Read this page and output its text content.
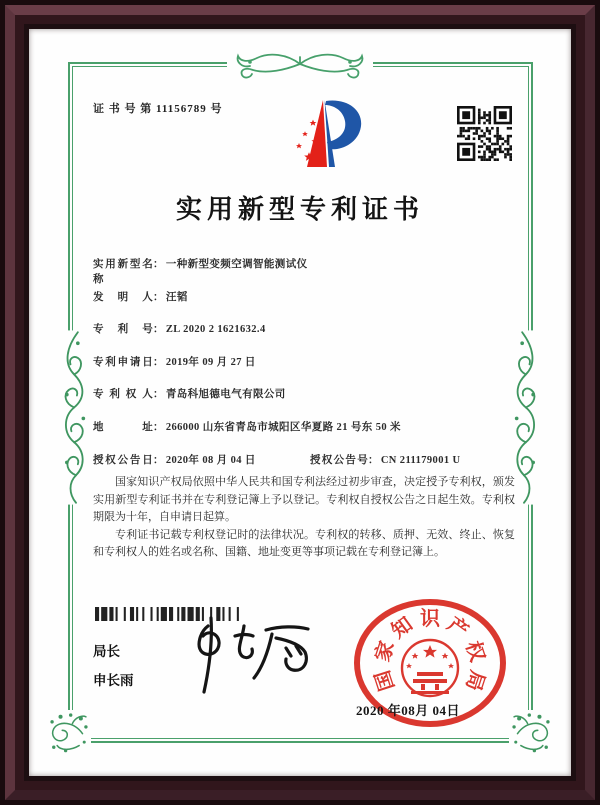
证 书 号 第 11156789 号
实用新型专利证书
实用新型名称： 一种新型变频空调智能测试仪
发明人： 汪韬
专利号： ZL 2020 2 1621632.4
专利申请日： 2019年 09 月 27 日
专利权人： 青岛科旭德电气有限公司
地址： 266000 山东省青岛市城阳区华夏路 21 号东 50 米
授权公告日： 2020年 08 月 04 日	授权公告号： CN 211179001 U

国家知识产权局依照中华人民共和国专利法经过初步审查，决定授予专利权，颁发实用新型专利证书并在专利登记簿上予以登记。专利权自授权公告之日起生效。专利权期限为十年，自申请日起算。

专利证书记载专利权登记时的法律状况。专利权的转移、质押、无效、终止、恢复和专利权人的姓名或名称、国籍、地址变更等事项记载在专利登记簿上。

局长
申长雨	国
家
知 识 产
权
局
2020 年08月 04日
